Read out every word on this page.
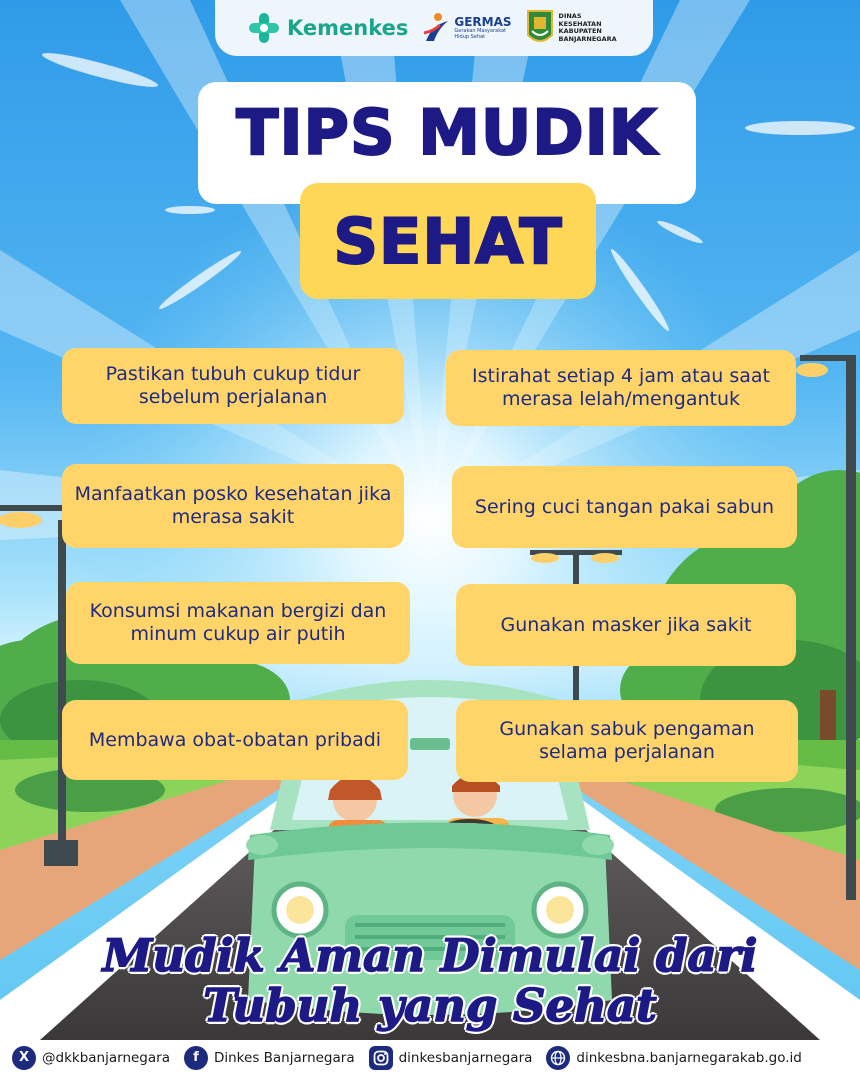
Kemenkes	GERMAS
Gerakan Masyarakat Hidup Sehat
DINAS
KESEHATAN
KABUPATEN
BANJARNEGARA
TIPS MUDIK
SEHAT
Pastikan tubuh cukup tidur sebelum perjalanan
Istirahat setiap 4 jam atau saat merasa lelah/mengantuk
Manfaatkan posko kesehatan jika merasa sakit	Sering cuci tangan pakai sabun
Konsumsi makanan bergizi dan minum cukup air putih	Gunakan masker jika sakit
Membawa obat-obatan pribadi	Gunakan sabuk pengaman selama perjalanan
Mudik Aman Dimulai dari
Tubuh yang Sehat
X @dkkbanjarnegara	f	Dinkes Banjarnegara	dinkesbanjarnegara	dinkesbna.banjarnegarakab.go.id
